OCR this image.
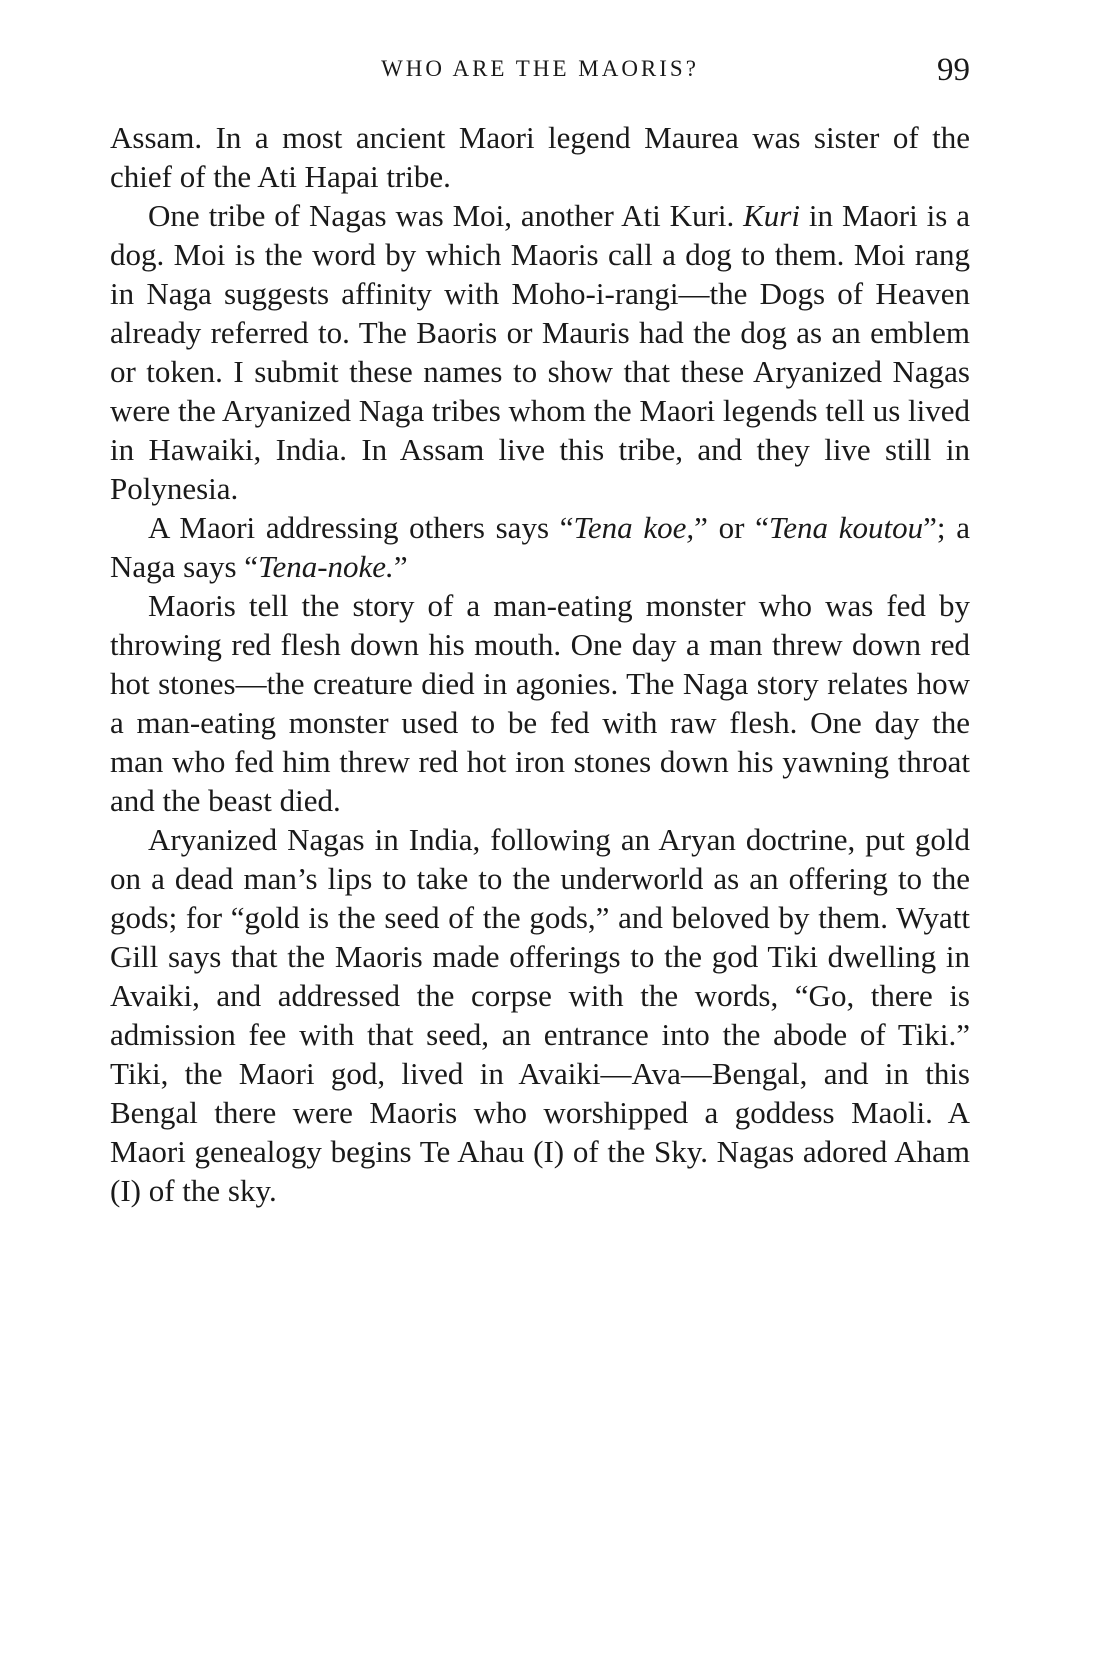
WHO ARE THE MAORIS?	99

Assam. In a most ancient Maori legend Maurea was sister of the chief of the Ati Hapai tribe.

One tribe of Nagas was Moi, another Ati Kuri. Kuri in Maori is a dog. Moi is the word by which Maoris call a dog to them. Moi rang in Naga suggests affinity with Moho-i-rangi—the Dogs of Heaven already referred to. The Baoris or Mauris had the dog as an emblem or token. I submit these names to show that these Aryanized Nagas were the Aryanized Naga tribes whom the Maori legends tell us lived in Hawaiki, India. In Assam live this tribe, and they live still in Polynesia.

A Maori addressing others says “Tena koe,” or “Tena koutou”; a Naga says “Tena-noke.”

Maoris tell the story of a man-eating monster who was fed by throwing red flesh down his mouth. One day a man threw down red hot stones—the creature died in agonies. The Naga story relates how a man-eating monster used to be fed with raw flesh. One day the man who fed him threw red hot iron stones down his yawning throat and the beast died.

Aryanized Nagas in India, following an Aryan doctrine, put gold on a dead man’s lips to take to the underworld as an offering to the gods; for “gold is the seed of the gods,” and beloved by them. Wyatt Gill says that the Maoris made offerings to the god Tiki dwelling in Avaiki, and addressed the corpse with the words, “Go, there is admission fee with that seed, an entrance into the abode of Tiki.” Tiki, the Maori god, lived in Avaiki—Ava—Bengal, and in this Bengal there were Maoris who worshipped a goddess Maoli. A Maori genealogy begins Te Ahau (I) of the Sky. Nagas adored Aham (I) of the sky.
